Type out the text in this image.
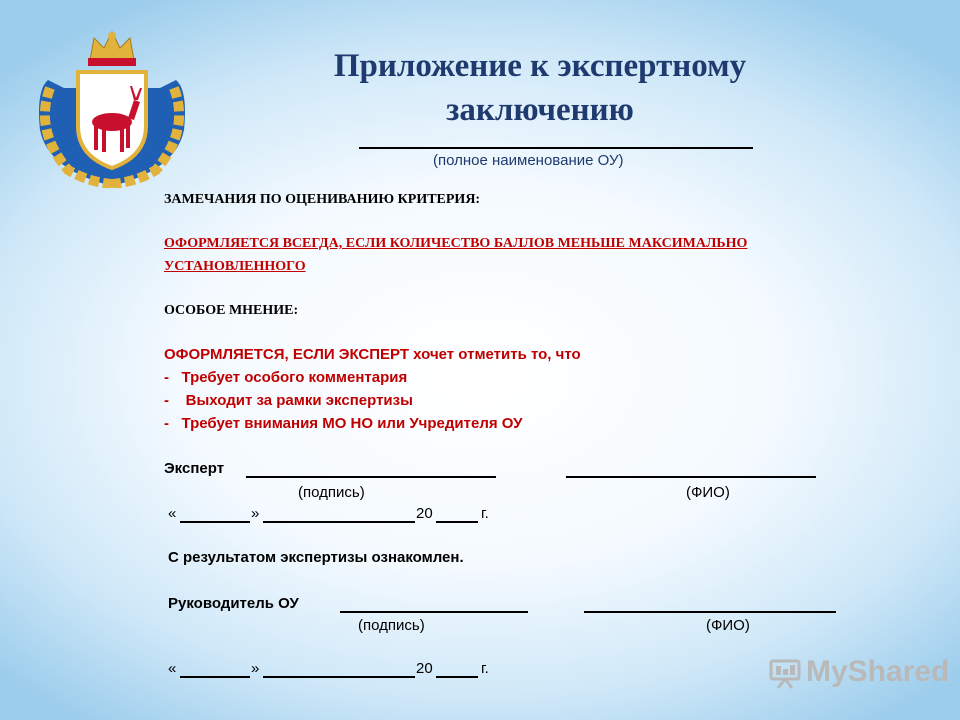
Приложение к экспертному
заключению
(полное наименование ОУ)
ЗАМЕЧАНИЯ ПО ОЦЕНИВАНИЮ КРИТЕРИЯ:
ОФОРМЛЯЕТСЯ ВСЕГДА, ЕСЛИ КОЛИЧЕСТВО БАЛЛОВ МЕНЬШЕ МАКСИМАЛЬНО
УСТАНОВЛЕННОГО
ОСОБОЕ МНЕНИЕ:
ОФОРМЛЯЕТСЯ, ЕСЛИ ЭКСПЕРТ хочет отметить то, что
-   Требует особого комментария
-    Выходит за рамки экспертизы
-   Требует внимания МО НО или Учредителя ОУ
Эксперт
(подпись)	(ФИО)
«	»	20	г.
С результатом экспертизы ознакомлен.
Руководитель ОУ
(подпись)	(ФИО)
«	»	20	г.	MyShared
